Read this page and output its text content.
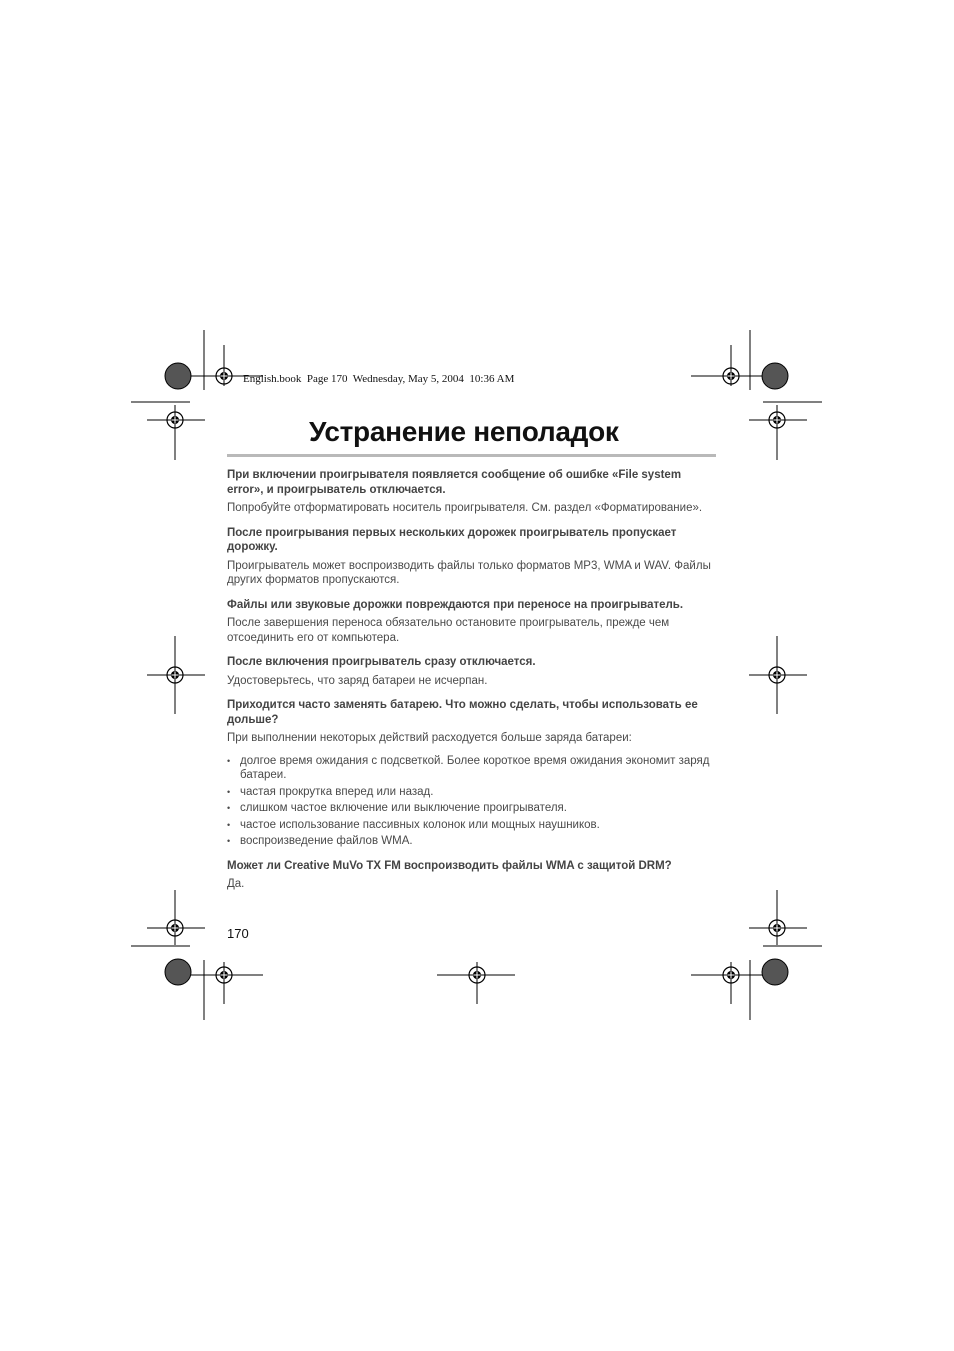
English.book  Page 170  Wednesday, May 5, 2004  10:36 AM
Устранение неполадок

При включении проигрывателя появляется сообщение об ошибке «File system error», и проигрыватель отключается.

Попробуйте отформатировать носитель проигрывателя. См. раздел «Форматирование».

После проигрывания первых нескольких дорожек проигрыватель пропускает дорожку.

Проигрыватель может воспроизводить файлы только форматов MP3, WMA и WAV. Файлы других форматов пропускаются.

Файлы или звуковые дорожки повреждаются при переносе на проигрыватель.

После завершения переноса обязательно остановите проигрыватель, прежде чем отсоединить его от компьютера.

После включения проигрыватель сразу отключается.

Удостоверьтесь, что заряд батареи не исчерпан.

Приходится часто заменять батарею. Что можно сделать, чтобы использовать ее дольше?

При выполнении некоторых действий расходуется больше заряда батареи:

• долгое время ожидания с подсветкой. Более короткое время ожидания экономит заряд батареи.
• частая прокрутка вперед или назад.
• слишком частое включение или выключение проигрывателя.
• частое использование пассивных колонок или мощных наушников.
• воспроизведение файлов WMA.

Может ли Creative MuVo TX FM воспроизводить файлы WMA с защитой DRM?

Да.

170
